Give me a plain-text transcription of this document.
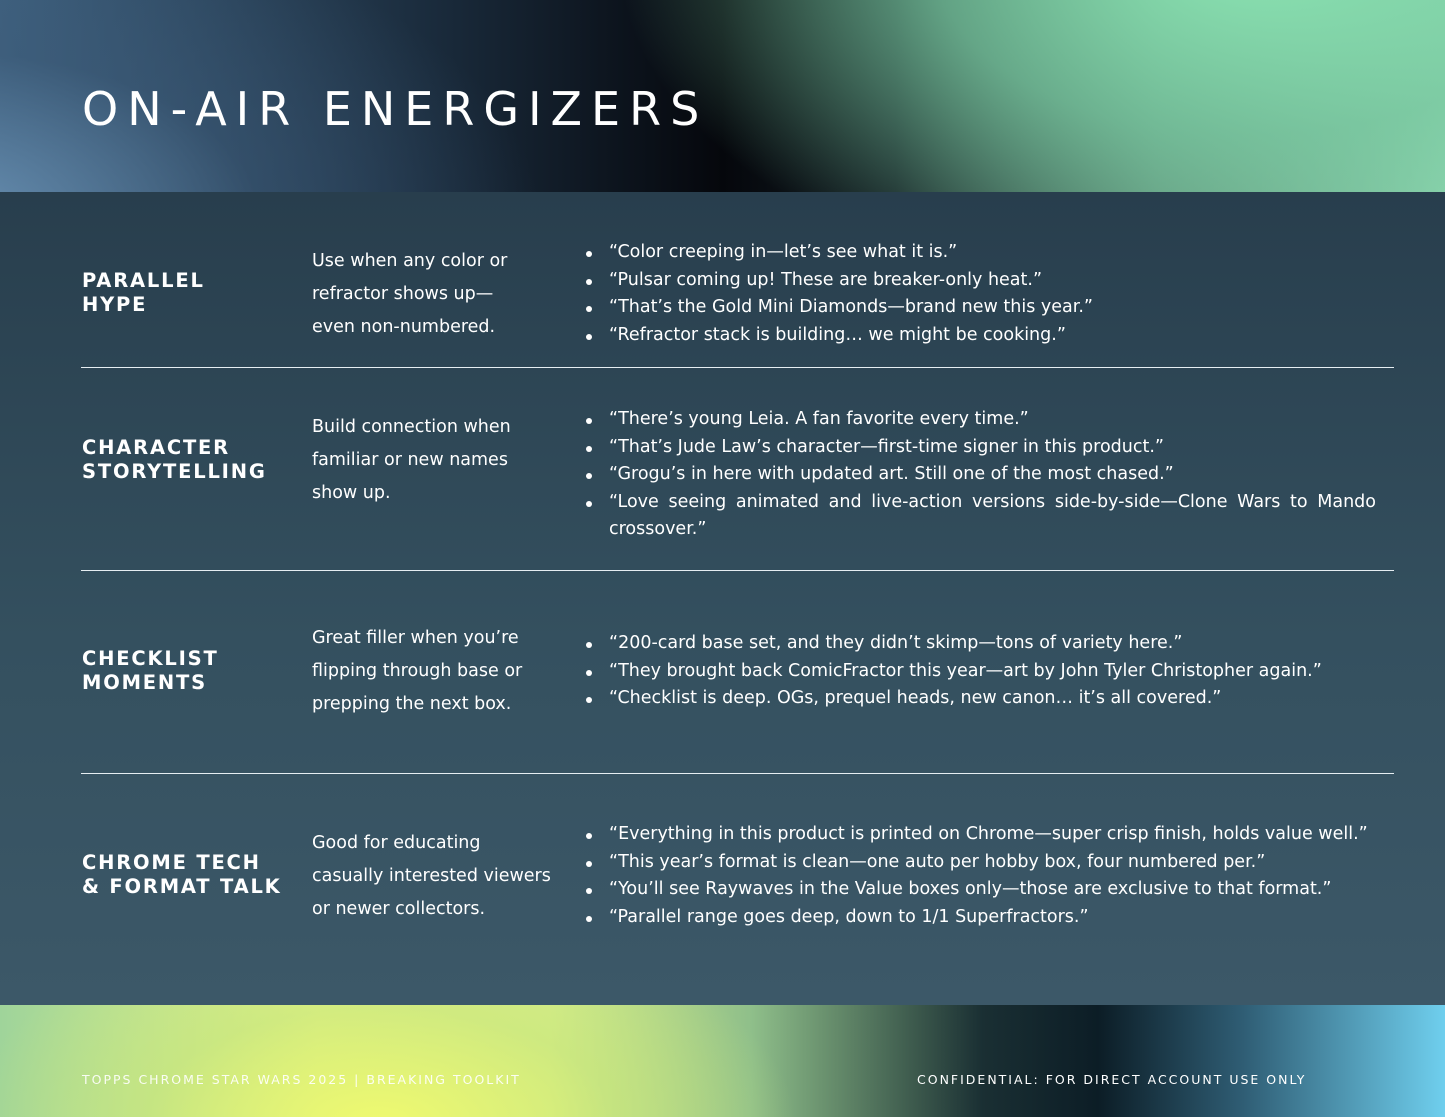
ON-AIR ENERGIZERS
PARALLEL
HYPE
Use when any color or
refractor shows up—
even non-numbered.
“Color creeping in—let’s see what it is.”
“Pulsar coming up! These are breaker-only heat.”
“That’s the Gold Mini Diamonds—brand new this year.”
“Refractor stack is building… we might be cooking.”
CHARACTER
STORYTELLING
Build connection when
familiar or new names
show up.
“There’s young Leia. A fan favorite every time.”
“That’s Jude Law’s character—first-time signer in this product.”
“Grogu’s in here with updated art. Still one of the most chased.”
“Love seeing animated and live-action versions side-by-side—Clone Wars to Mando crossover.”
CHECKLIST
MOMENTS
Great filler when you’re
flipping through base or
prepping the next box.
“200-card base set, and they didn’t skimp—tons of variety here.”
“They brought back ComicFractor this year—art by John Tyler Christopher again.”
“Checklist is deep. OGs, prequel heads, new canon… it’s all covered.”
CHROME TECH
& FORMAT TALK
Good for educating
casually interested viewers
or newer collectors.
“Everything in this product is printed on Chrome—super crisp finish, holds value well.”
“This year’s format is clean—one auto per hobby box, four numbered per.”
“You’ll see Raywaves in the Value boxes only—those are exclusive to that format.”
“Parallel range goes deep, down to 1/1 Superfractors.”
TOPPS CHROME STAR WARS 2025 | BREAKING TOOLKIT	CONFIDENTIAL: FOR DIRECT ACCOUNT USE ONLY
